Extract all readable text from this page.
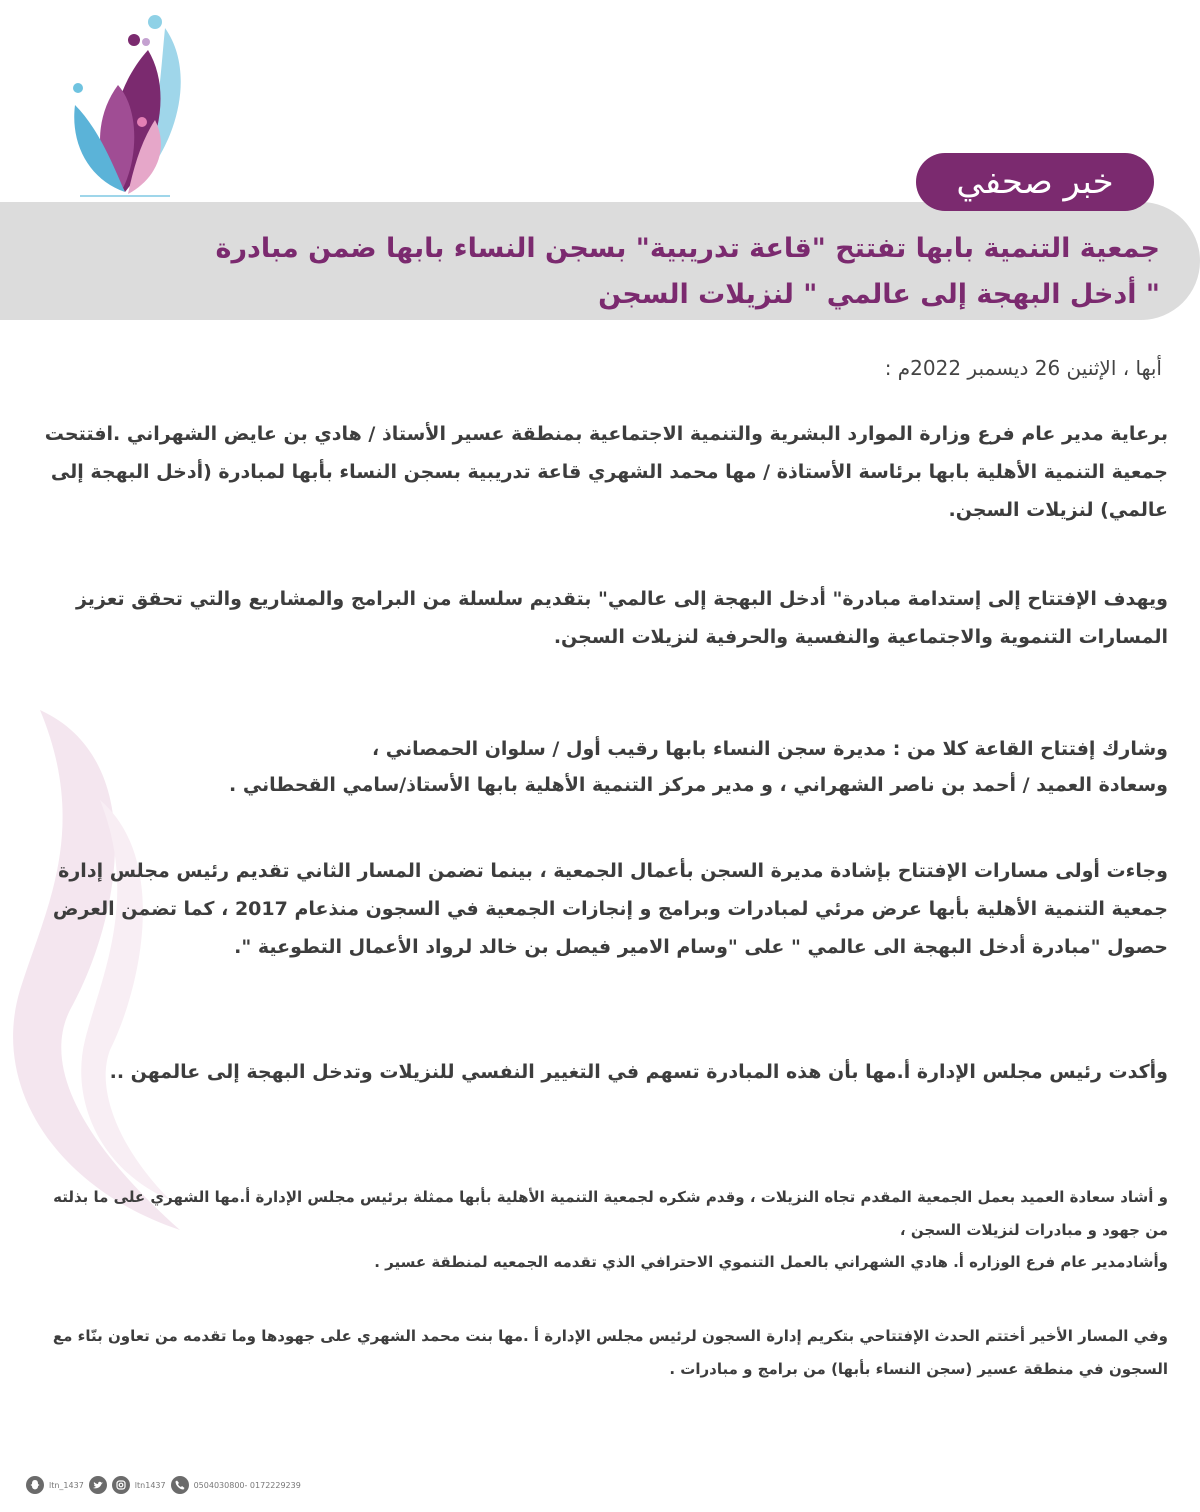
خبر صحفي
جمعية التنمية بابها تفتتح "قاعة تدريبية" بسجن النساء بابها ضمن مبادرة
" أدخل البهجة إلى عالمي " لنزيلات السجن

أبها ، الإثنين 26 ديسمبر 2022م :

برعاية مدير عام فرع وزارة الموارد البشرية والتنمية الاجتماعية بمنطقة عسير الأستاذ / هادي بن عايض الشهراني .افتتحت جمعية التنمية الأهلية بابها برئاسة الأستاذة / مها محمد الشهري قاعة تدريبية بسجن النساء بأبها لمبادرة (أدخل البهجة إلى عالمي) لنزيلات السجن.

ويهدف الإفتتاح إلى إستدامة مبادرة" أدخل البهجة إلى عالمي" بتقديم سلسلة من البرامج والمشاريع والتي تحقق تعزيز المسارات التنموية والاجتماعية والنفسية والحرفية لنزيلات السجن.

وشارك إفتتاح القاعة كلا من : مديرة سجن النساء بابها رقيب أول / سلوان الحمصاني ،

وسعادة العميد / أحمد بن ناصر الشهراني ، و مدير مركز التنمية الأهلية بابها الأستاذ/سامي القحطاني .

وجاءت أولى مسارات الإفتتاح بإشادة مديرة السجن بأعمال الجمعية ، بينما تضمن المسار الثاني تقديم رئيس مجلس إدارة جمعية التنمية الأهلية بأبها عرض مرئي لمبادرات وبرامج و إنجازات الجمعية في السجون منذعام 2017 ، كما تضمن العرض حصول "مبادرة أدخل البهجة الى عالمي " على "وسام الامير فيصل بن خالد لرواد الأعمال التطوعية ".

وأكدت رئيس مجلس الإدارة أ.مها بأن هذه المبادرة تسهم في التغيير النفسي للنزيلات وتدخل البهجة إلى عالمهن ..

و أشاد سعادة العميد بعمل الجمعية المقدم تجاه النزيلات ، وقدم شكره لجمعية التنمية الأهلية بأبها ممثلة برئيس مجلس الإدارة أ.مها الشهري على ما بذلته من جهود و مبادرات لنزيلات السجن ،

وأشادمدير عام فرع الوزاره أ. هادي الشهراني بالعمل التنموي الاحترافي الذي تقدمه الجمعيه لمنطقة عسير .

وفي المسار الأخير أختتم الحدث الإفتتاحي بتكريم إدارة السجون لرئيس مجلس الإدارة أ .مها بنت محمد الشهري على جهودها وما تقدمه من تعاون بنّاء مع السجون في منطقة عسير (سجن النساء بأبها) من برامج و مبادرات .

ltn_1437	ltn1437	0504030800- 0172229239
